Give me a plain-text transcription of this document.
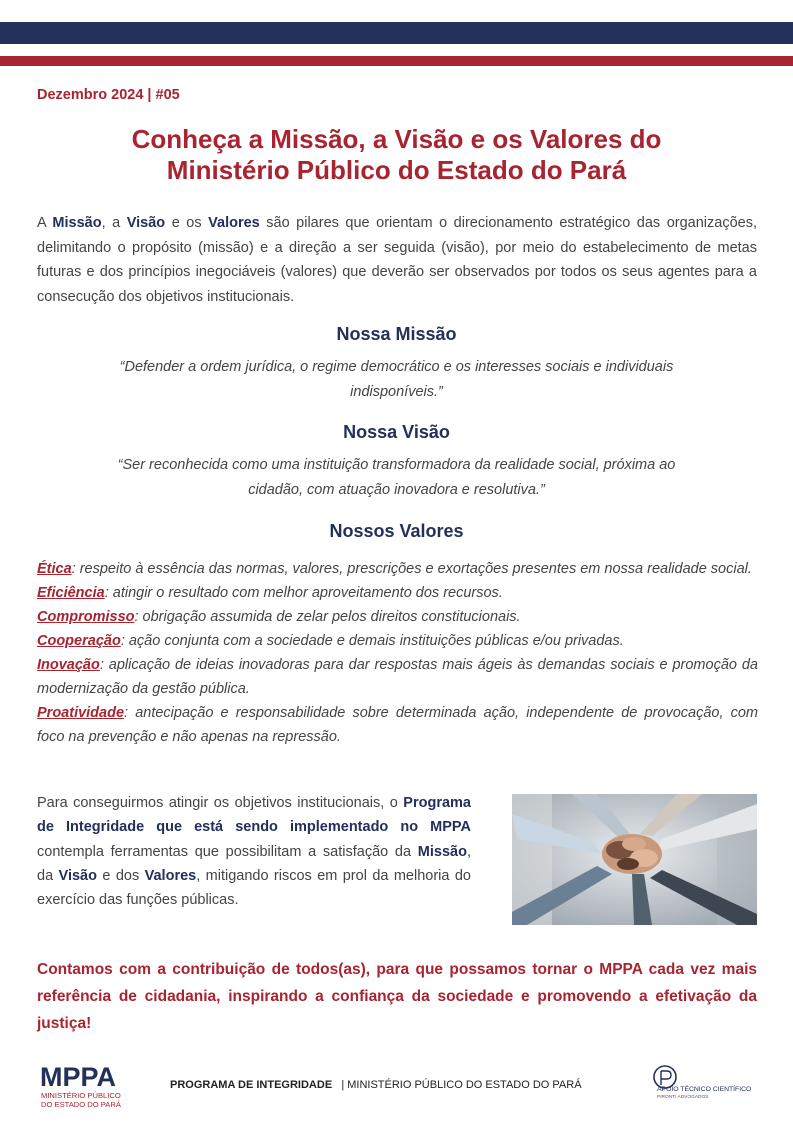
Dezembro 2024 | #05
Conheça a Missão, a Visão e os Valores do
Ministério Público do Estado do Pará
A Missão, a Visão e os Valores são pilares que orientam o direcionamento estratégico das organizações, delimitando o propósito (missão) e a direção a ser seguida (visão), por meio do estabelecimento de metas futuras e dos princípios inegociáveis (valores) que deverão ser observados por todos os seus agentes para a consecução dos objetivos institucionais.
Nossa Missão
“Defender a ordem jurídica, o regime democrático e os interesses sociais e individuais
indisponíveis.”
Nossa Visão
“Ser reconhecida como uma instituição transformadora da realidade social, próxima ao
cidadão, com atuação inovadora e resolutiva.”
Nossos Valores

Ética: respeito à essência das normas, valores, prescrições e exortações presentes em nossa realidade social.

Eficiência: atingir o resultado com melhor aproveitamento dos recursos.

Compromisso: obrigação assumida de zelar pelos direitos constitucionais.

Cooperação: ação conjunta com a sociedade e demais instituições públicas e/ou privadas.

Inovação: aplicação de ideias inovadoras para dar respostas mais ágeis às demandas sociais e promoção da modernização da gestão pública.

Proatividade: antecipação e responsabilidade sobre determinada ação, independente de provocação, com foco na prevenção e não apenas na repressão.

Para conseguirmos atingir os objetivos institucionais, o Programa de Integridade que está sendo implementado no MPPA contempla ferramentas que possibilitam a satisfação da Missão, da Visão e dos Valores, mitigando riscos em prol da melhoria do exercício das funções públicas.
Contamos com a contribuição de todos(as), para que possamos tornar o MPPA cada vez mais referência de cidadania, inspirando a confiança da sociedade e promovendo a efetivação da justiça!
MPPA
MINISTÉRIO PÚBLICO
DO ESTADO DO PARÁ
PROGRAMA DE INTEGRIDADE | MINISTÉRIO PÚBLICO DO ESTADO DO PARÁ	APOIO TÉCNICO CIENTÍFICO
PIRONTI ADVOGADOS
